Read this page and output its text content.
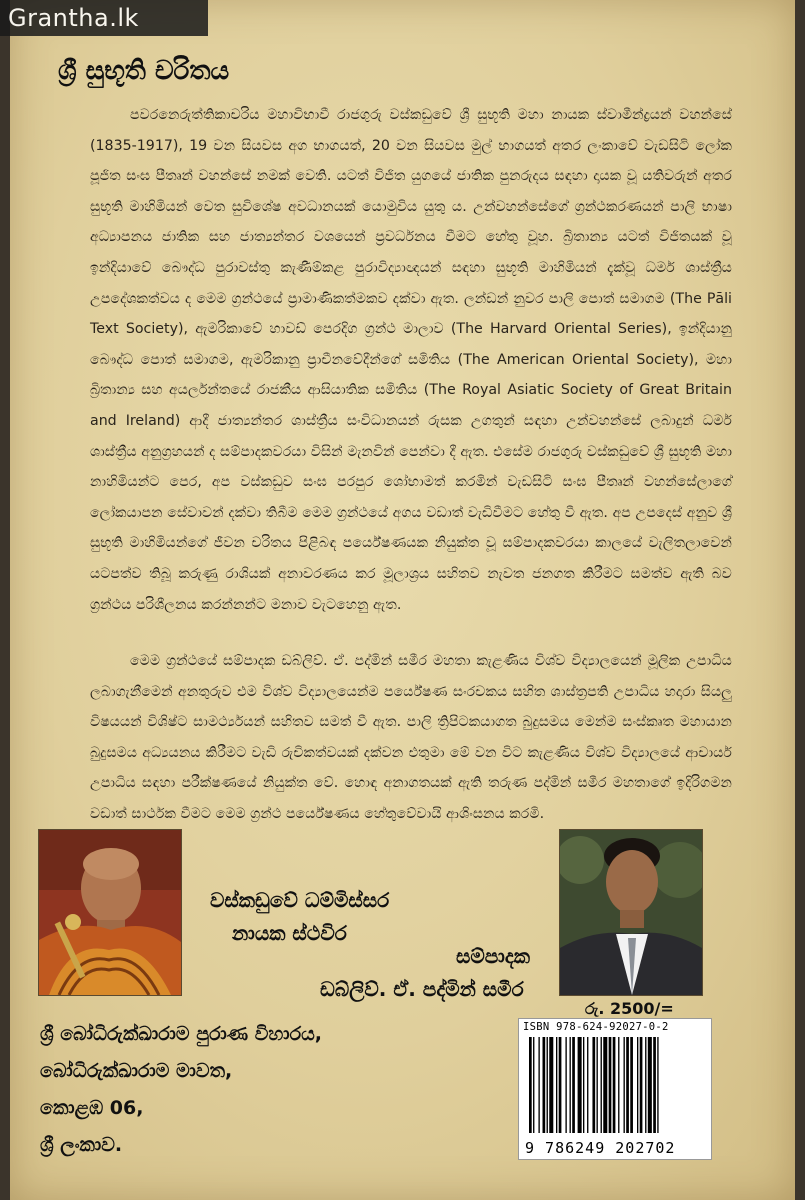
ශ්‍රී සුභූති චරිතය

පවරනෙරුත්තිකාචරිය මහාවිභාවී රාජගුරු වස්කඩුවේ ශ්‍රී සුභූති මහා නායක ස්වාමීන්ද්‍රයන් වහන්සේ (1835-1917), 19 වන සියවස අග භාගයත්, 20 වන සියවස මුල් භාගයත් අතර ලංකාවේ වැඩසිටි ලෝක පූජිත සංඝ පීතෘන් වහන්සේ නමක් වෙති. යටත් විජිත යුගයේ ජාතික පුනරුදය සඳහා දායක වූ යතිවරුන් අතර සුභූති මාහිමියන් වෙත සුවිශේෂ අවධානයක් යොමුවිය යුතු ය. උන්වහන්සේගේ ග්‍රන්ථකරණයන් පාලි භාෂා අධ්‍යාපනය ජාතික සහ ජාත්‍යන්තර වශයෙන් ප්‍රවර්ධනය වීමට හේතු වූහ. බ්‍රිතාන්‍ය යටත් විජිතයක් වූ ඉන්දියාවේ බෞද්ධ පුරාවස්තු කැණීම්කළ පුරාවිද්‍යාඥයන් සඳහා සුභූති මාහිමියන් දැක්වූ ධර්ම ශාස්ත්‍රීය උපදේශකත්වය ද මෙම ග්‍රන්ථයේ ප්‍රාමාණිකත්මකව දක්වා ඇත. ලන්ඩන් නුවර පාලි පොත් සමාගම (The Pāli Text Society), ඇමරිකාවේ හාවඩ් පෙරදිග ග්‍රන්ථ මාලාව (The Harvard Oriental Series), ඉන්දියානු බෞද්ධ පොත් සමාගම, ඇමරිකානු ප්‍රාචීනවේදීන්ගේ සමිතිය (The American Oriental Society), මහා බ්‍රිතාන්‍ය සහ අයර්ලන්තයේ රාජකීය ආසියාතික සමිතිය (The Royal Asiatic Society of Great Britain and Ireland) ආදී ජාත්‍යන්තර ශාස්ත්‍රීය සංවිධානයන් රුසක උගතුන් සඳහා උන්වහන්සේ ලබාදුන් ධර්ම ශාස්ත්‍රීය අනුග්‍රහයන් ද සම්පාදකවරයා විසින් මැනවින් පෙන්වා දී ඇත. එසේම රාජගුරු වස්කඩුවේ ශ්‍රී සුභූති මහා නාහිමියන්ට පෙර, අප වස්කඩුව සංඝ පරපුර ශෝභාමත් කරමින් වැඩසිටි සංඝ පීතෘන් වහන්සේලාගේ ලෝකයාපන සේවාවන් දක්වා තිබීම මෙම ග්‍රන්ථයේ අගය වඩාත් වැඩිවීමට හේතු වී ඇත. අප උපදෙස් අනුව ශ්‍රී සුභූති මාහිමියන්ගේ ජීවන චරිතය පිළිබඳ පර්යේෂණයක නියුක්ත වූ සම්පාදකවරයා කාලයේ වැලිතලාවෙන් යටපත්ව තිබූ කරුණු රාශියක් අනාවරණය කර මූලාශ්‍රය සහිතව නැවත ජනගත කිරීමට සමත්ව ඇති බව ග්‍රන්ථය පරිශීලනය කරන්නන්ට මනාව වැටහෙනු ඇත.

මෙම ග්‍රන්ථයේ සම්පාදක ඩබ්ලිව්. ඒ. පද්මින් සමීර මහතා කැළණිය විශ්ව විද්‍යාලයෙන් මූලික උපාධිය ලබාගැනීමෙන් අනතුරුව එම විශ්ව විද්‍යාලයෙන්ම පර්යේෂණ සංරචකය සහිත ශාස්ත්‍රපති උපාධිය හදාරා සියලු විෂයයන් විශිෂ්ට සාමර්ථ්‍යයන් සහිතව සමත් වී ඇත. පාලි ත්‍රිපිටකයාගත බුදුසමය මෙන්ම සංස්කෘත මහායාන බුදුසමය අධ්‍යයනය කිරීමට වැඩි රුචිකත්වයක් දක්වන එතුමා මේ වන විට කැළණිය විශ්ව විද්‍යාලයේ ආචාර්ය උපාධිය සඳහා පරීක්ෂණයේ නියුක්ත වේ. හොඳ අනාගතයක් ඇති තරුණ පද්මින් සමීර මහතාගේ ඉදිරිගමන වඩාත් සාර්ථක වීමට මෙම ග්‍රන්ථ පර්යේෂණය හේතුවේවායි ආශිංසනය කරමි.

වස්කඩුවේ ධම්මිස්සර
නායක ස්ථවිර
සම්පාදක
ඩබ්ලිව්. ඒ. පද්මින් සමීර
රු. 2500/=
ශ්‍රී බෝධිරුක්ඛාරාම පුරාණ විහාරය,
බෝධිරුක්ඛාරාම මාවත,
කොළඹ 06,
ශ්‍රී ලංකාව.
ISBN 978-624-92027-0-2
9 786249 202702
Grantha.lk
